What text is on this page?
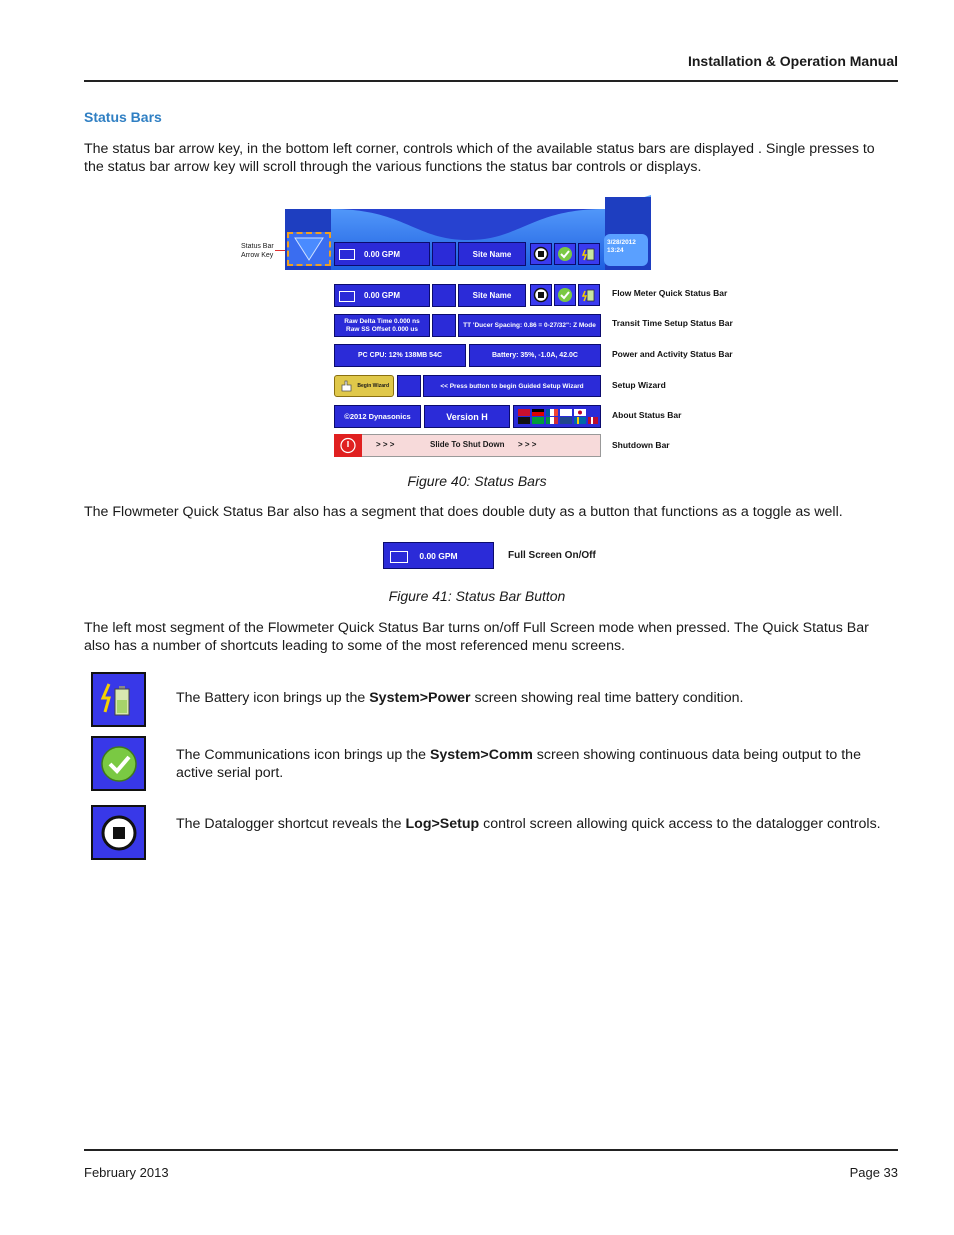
Installation & Operation Manual
Status Bars
The status bar arrow key, in the bottom left corner, controls which of the available status bars are displayed . Single presses to the status bar arrow key will scroll through the various functions the status bar controls or displays.
Status Bar Arrow Key	0.00 GPM	Site Name
3/28/2012
13:24
0.00 GPM	Site Name	Flow Meter Quick Status Bar
Raw Delta Time 0.000 ns
Raw SS Offset 0.000 us	TT 'Ducer Spacing: 0.86 = 0-27/32": Z Mode	Transit Time Setup Status Bar
PC CPU: 12% 138MB 54C	Battery: 35%, -1.0A, 42.0C	Power and Activity Status Bar
Begin Wizard	<< Press button to begin Guided Setup Wizard	Setup Wizard
©2012 Dynasonics	Version H	About Status Bar
> > >	Slide To Shut Down > > >	Shutdown Bar
Figure 40: Status Bars
The Flowmeter Quick Status Bar also has a segment that does double duty as a button that functions as a toggle as well.
0.00 GPM	Full Screen On/Off
Figure 41: Status Bar Button
The left most segment of the Flowmeter Quick Status Bar turns on/off Full Screen mode when pressed. The Quick Status Bar also has a number of shortcuts leading to some of the most referenced menu screens.
The Battery icon brings up the System>Power screen showing real time battery condition.
The Communications icon brings up the System>Comm screen showing continuous data being output to the active serial port.
The Datalogger shortcut reveals the Log>Setup control screen allowing quick access to the datalogger controls.
February 2013	Page 33
